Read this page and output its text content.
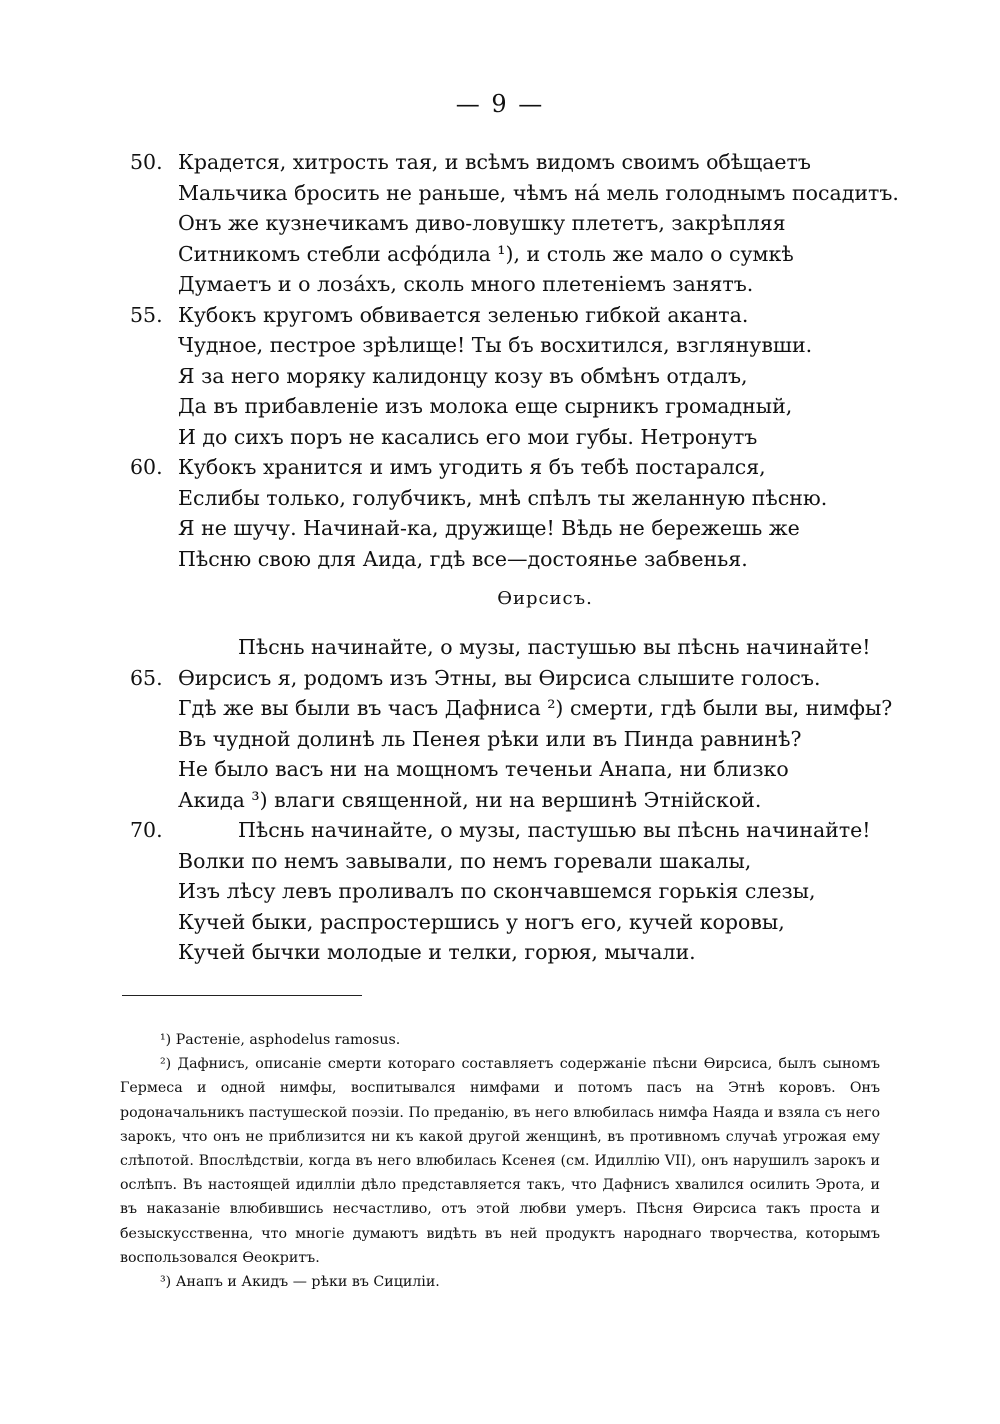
— 9 —
50. Крадется, хитрость тая, и всѣмъ видомъ своимъ обѣщаетъ
Мальчика бросить не раньше, чѣмъ на́ мель голоднымъ посадитъ.
Онъ же кузнечикамъ диво-ловушку плететъ, закрѣпляя
Ситникомъ стебли асфо́дила ¹), и столь же мало о сумкѣ
Думаетъ и о лоза́хъ, сколь много плетеніемъ занятъ.
55. Кубокъ кругомъ обвивается зеленью гибкой аканта.
Чудное, пестрое зрѣлище! Ты бъ восхитился, взглянувши.
Я за него моряку калидонцу козу въ обмѣнъ отдалъ,
Да въ прибавленіе изъ молока еще сырникъ громадный,
И до сихъ поръ не касались его мои губы. Нетронутъ
60. Кубокъ хранится и имъ угодить я бъ тебѣ постарался,
Еслибы только, голубчикъ, мнѣ спѣлъ ты желанную пѣсню.
Я не шучу. Начинай-ка, дружище! Вѣдь не бережешь же
Пѣсню свою для Аида, гдѣ все—достоянье забвенья.
Ѳирсисъ.
Пѣснь начинайте, о музы, пастушью вы пѣснь начинайте!
65. Ѳирсисъ я, родомъ изъ Этны, вы Ѳирсиса слышите голосъ.
Гдѣ же вы были въ часъ Дафниса ²) смерти, гдѣ были вы, нимфы?
Въ чудной долинѣ ль Пенея рѣки или въ Пинда равнинѣ?
Не было васъ ни на мощномъ теченьи Анапа, ни близко
Акида ³) влаги священной, ни на вершинѣ Этнійской.
70.	Пѣснь начинайте, о музы, пастушью вы пѣснь начинайте!
Волки по немъ завывали, по немъ горевали шакалы,
Изъ лѣсу левъ проливалъ по скончавшемся горькія слезы,
Кучей быки, распростершись у ногъ его, кучей коровы,
Кучей бычки молодые и телки, горюя, мычали.

¹) Растеніе, asphodelus ramosus.

²) Дафнисъ, описаніе смерти котораго составляетъ содержаніе пѣсни Ѳирсиса, былъ сыномъ Гермеса и одной нимфы, воспитывался нимфами и потомъ пасъ на Этнѣ коровъ. Онъ родоначальникъ пастушеской поэзіи. По преданію, въ него влюбилась нимфа Наяда и взяла съ него зарокъ, что онъ не приблизится ни къ какой другой женщинѣ, въ противномъ случаѣ угрожая ему слѣпотой. Впослѣдствіи, когда въ него влюбилась Ксенея (см. Идиллію VII), онъ нарушилъ зарокъ и ослѣпъ. Въ настоящей идилліи дѣло представляется такъ, что Дафнисъ хвалился осилить Эрота, и въ наказаніе влюбившись несчастливо, отъ этой любви умеръ. Пѣсня Ѳирсиса такъ проста и безыскусственна, что многіе думаютъ видѣть въ ней продуктъ народнаго творчества, которымъ воспользовался Ѳеокритъ.

³) Анапъ и Акидъ — рѣки въ Сициліи.
